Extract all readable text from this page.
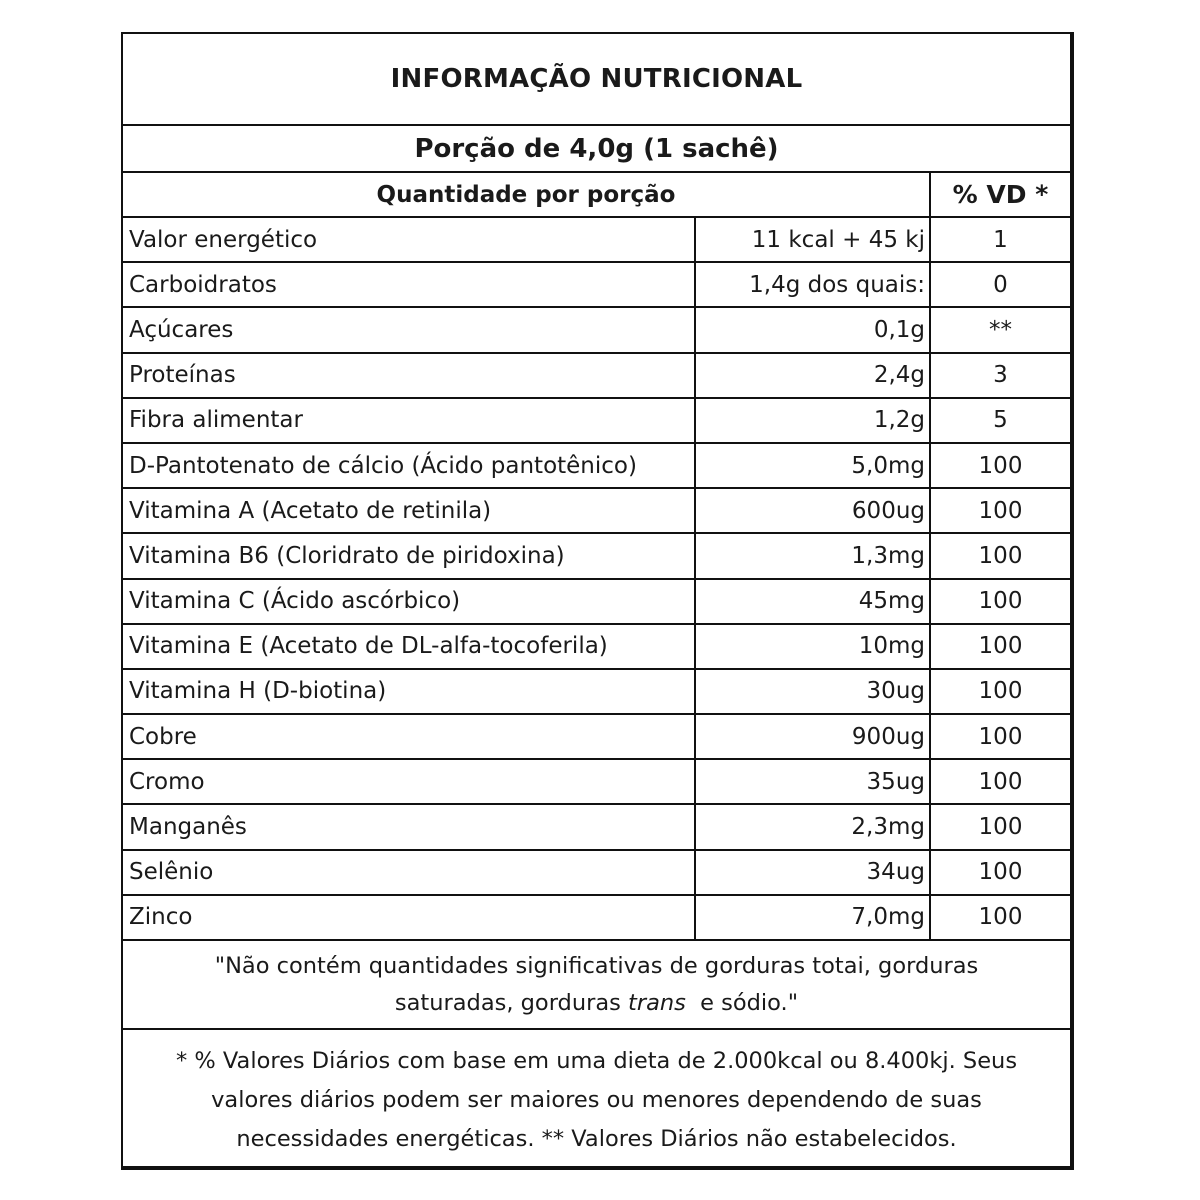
INFORMAÇÃO NUTRICIONAL
Porção de 4,0g (1 sachê)
Quantidade por porção	% VD *
Valor energético	11 kcal + 45 kj	1
Carboidratos	1,4g dos quais:	0
Açúcares	0,1g	**
Proteínas	2,4g	3
Fibra alimentar	1,2g	5
D-Pantotenato de cálcio (Ácido pantotênico)	5,0mg	100
Vitamina A (Acetato de retinila)	600ug	100
Vitamina B6 (Cloridrato de piridoxina)	1,3mg	100
Vitamina C (Ácido ascórbico)	45mg	100
Vitamina E (Acetato de DL-alfa-tocoferila)	10mg	100
Vitamina H (D-biotina)	30ug	100
Cobre	900ug	100
Cromo	35ug	100
Manganês	2,3mg	100
Selênio	34ug	100
Zinco	7,0mg	100
"Não contém quantidades significativas de gorduras totai, gorduras
saturadas, gorduras trans  e sódio."
* % Valores Diários com base em uma dieta de 2.000kcal ou 8.400kj. Seus
valores diários podem ser maiores ou menores dependendo de suas
necessidades energéticas. ** Valores Diários não estabelecidos.
